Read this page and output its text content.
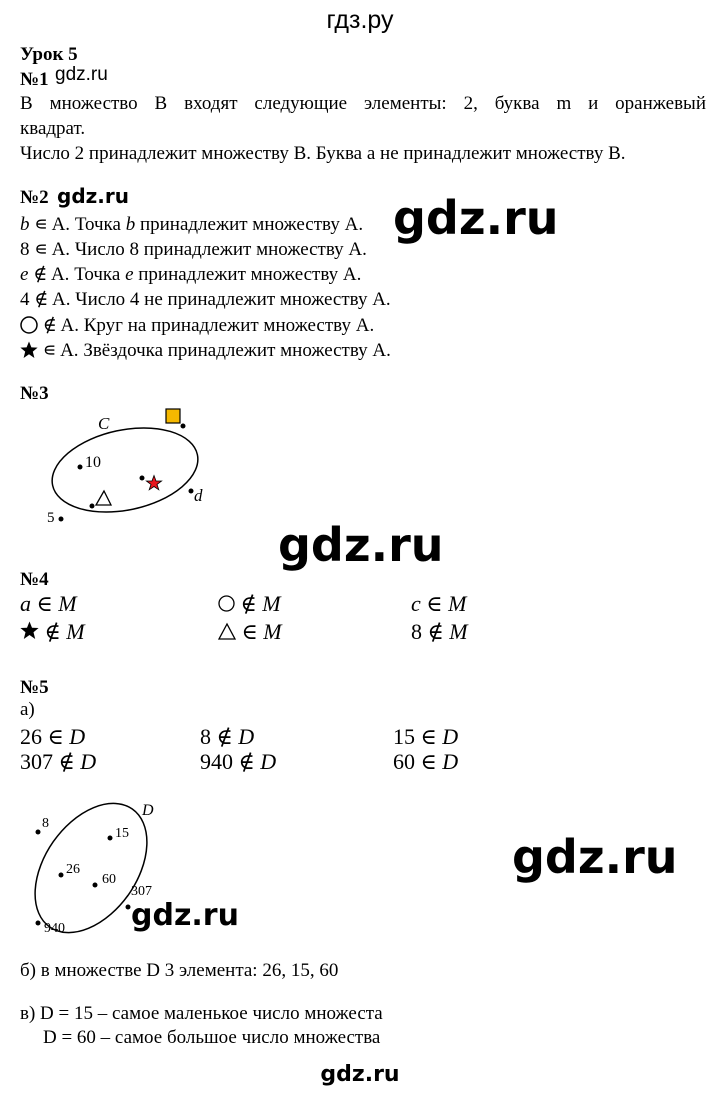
гдз.ру
Урок 5
№1 gdz.ru
В множество В входят следующие элементы: 2, буква m и оранжевый
квадрат.
Число 2 принадлежит множеству В. Буква а не принадлежит множеству В.
№2 gdz.ru	gdz.ru
b ∊ A. Точка b принадлежит множеству А.
8 ∊ A. Число 8 принадлежит множеству А.
e ∉ A. Точка e принадлежит множеству А.
4 ∉ A. Число 4 не принадлежит множеству А.
∉ A. Круг на принадлежит множеству А.
∊ A. Звёздочка принадлежит множеству А.
№3
C
10
d
5	gdz.ru
№4
a ∈ M	∉ M	c ∈ M
∉ M	∈ M	8 ∉ M
№5
а)
26 ∈ D	8 ∉ D	15 ∈ D
307 ∉ D	940 ∉ D	60 ∈ D
D
8
15
26
60
307
940
gdz.ru
gdz.ru
б) в множестве D 3 элемента: 26, 15, 60
в) D = 15 – самое маленькое число множеста
D = 60 – самое большое число множества
gdz.ru
